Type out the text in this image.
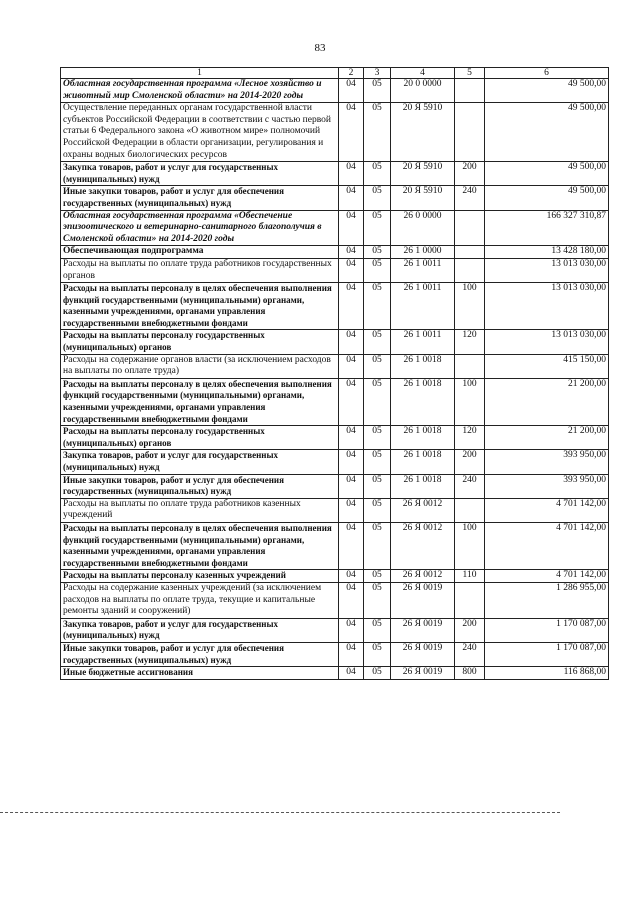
83
1	2	3	4	5	6
Областная государственная программа «Лесное хозяйство и животный мир Смоленской области» на 2014-2020 годы	04	05	20 0 0000		49 500,00
Осуществление переданных органам государственной власти субъектов Российской Федерации в соответствии с частью первой статьи 6 Федерального закона «О животном мире» полномочий Российской Федерации в области организации, регулирования и охраны водных биологических ресурсов	04	05	20 Я 5910		49 500,00
Закупка товаров, работ и услуг для государственных (муниципальных) нужд	04	05	20 Я 5910	200	49 500,00
Иные закупки товаров, работ и услуг для обеспечения государственных (муниципальных) нужд	04	05	20 Я 5910	240	49 500,00
Областная государственная программа «Обеспечение эпизоотического и ветеринарно-санитарного благополучия в Смоленской области» на 2014-2020 годы	04	05	26 0 0000		166 327 310,87
Обеспечивающая подпрограмма	04	05	26 1 0000		13 428 180,00
Расходы на выплаты по оплате труда работников государственных органов	04	05	26 1 0011		13 013 030,00
Расходы на выплаты персоналу в целях обеспечения выполнения функций государственными (муниципальными) органами, казенными учреждениями, органами управления государственными внебюджетными фондами	04	05	26 1 0011	100	13 013 030,00
Расходы на выплаты персоналу государственных (муниципальных) органов	04	05	26 1 0011	120	13 013 030,00
Расходы на содержание органов власти (за исключением расходов на выплаты по оплате труда)	04	05	26 1 0018		415 150,00
Расходы на выплаты персоналу в целях обеспечения выполнения функций государственными (муниципальными) органами, казенными учреждениями, органами управления государственными внебюджетными фондами	04	05	26 1 0018	100	21 200,00
Расходы на выплаты персоналу государственных (муниципальных) органов	04	05	26 1 0018	120	21 200,00
Закупка товаров, работ и услуг для государственных (муниципальных) нужд	04	05	26 1 0018	200	393 950,00
Иные закупки товаров, работ и услуг для обеспечения государственных (муниципальных) нужд	04	05	26 1 0018	240	393 950,00
Расходы на выплаты по оплате труда работников казенных учреждений	04	05	26 Я 0012		4 701 142,00
Расходы на выплаты персоналу в целях обеспечения выполнения функций государственными (муниципальными) органами, казенными учреждениями, органами управления государственными внебюджетными фондами	04	05	26 Я 0012	100	4 701 142,00
Расходы на выплаты персоналу казенных учреждений	04	05	26 Я 0012	110	4 701 142,00
Расходы на содержание казенных учреждений (за исключением расходов на выплаты по оплате труда, текущие и капитальные ремонты зданий и сооружений)	04	05	26 Я 0019		1 286 955,00
Закупка товаров, работ и услуг для государственных (муниципальных) нужд	04	05	26 Я 0019	200	1 170 087,00
Иные закупки товаров, работ и услуг для обеспечения государственных (муниципальных) нужд	04	05	26 Я 0019	240	1 170 087,00
Иные бюджетные ассигнования	04	05	26 Я 0019	800	116 868,00
